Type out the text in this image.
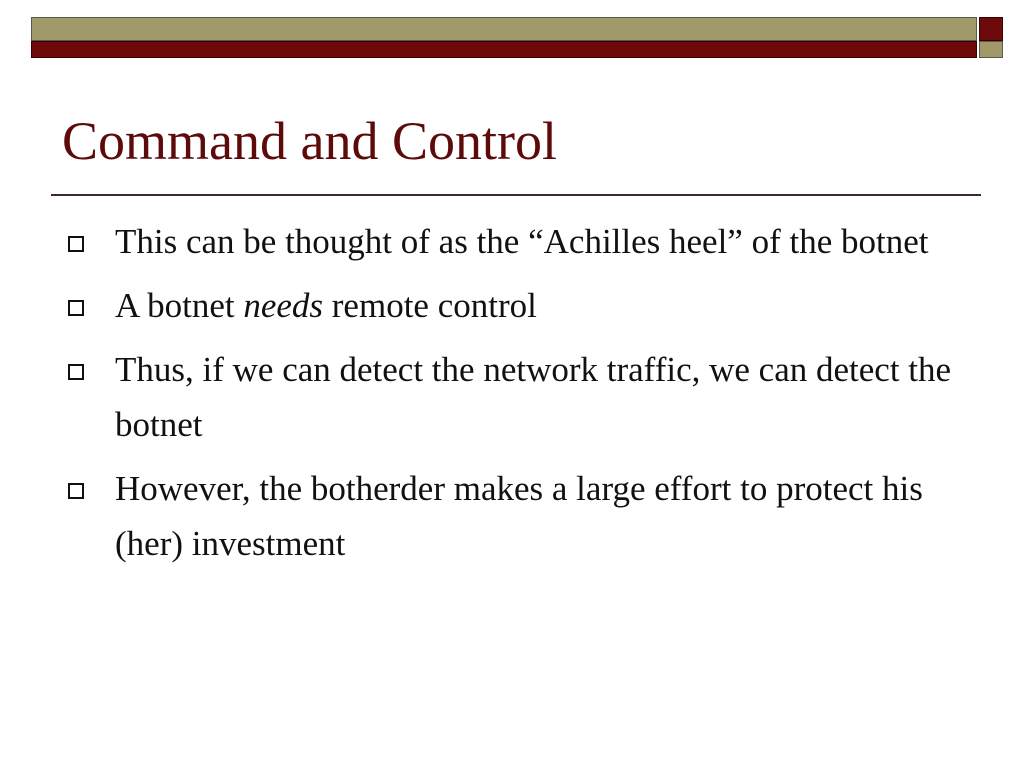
Command and Control
This can be thought of as the “Achilles heel” of the botnet
A botnet needs remote control
Thus, if we can detect the network traffic, we can detect the botnet
However, the botherder makes a large effort to protect his (her) investment
